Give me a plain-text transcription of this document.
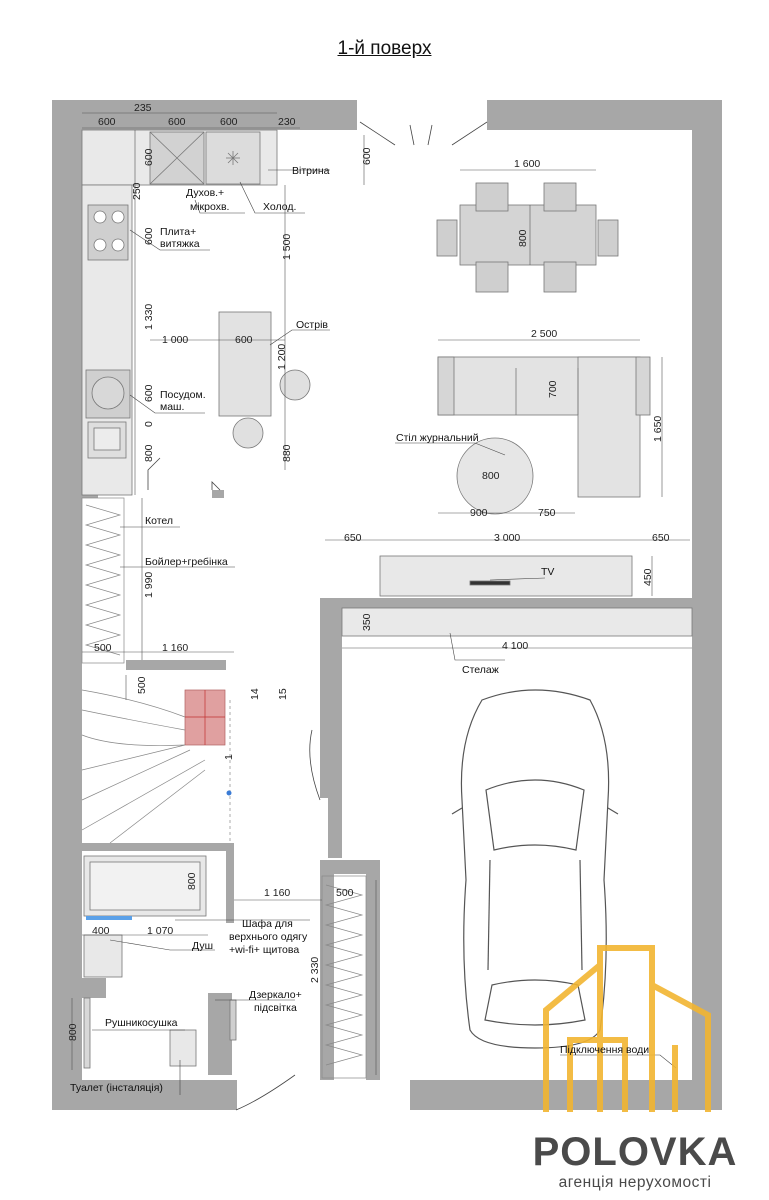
1-й поверх
Вітрина
Духов.+
мікрохв.	Холод.
Плита+
витяжка
Острів
Посудом.
маш.
Стіл журнальний
Котел
Бойлер+гребінка
TV
Стелаж
Шафа для
верхнього одягу
+wi-fi+ щитова
Душ
Дзеркало+
підсвітка
Рушникосушка
Туалет (інсталяція)
Підключення води
235
600	600	600	230
600
600
250
600
1 330
600
0
800
1 500
1 200
880
1 000	600
1 600
800
2 500
700
1 650
800
900	750
650	3 000	650
450
350
4 100
1 990
500	1 160
500
14 15
800
1 160	500
400	1 070
2 330
800
1
POLOVKA
агенція нерухомості
